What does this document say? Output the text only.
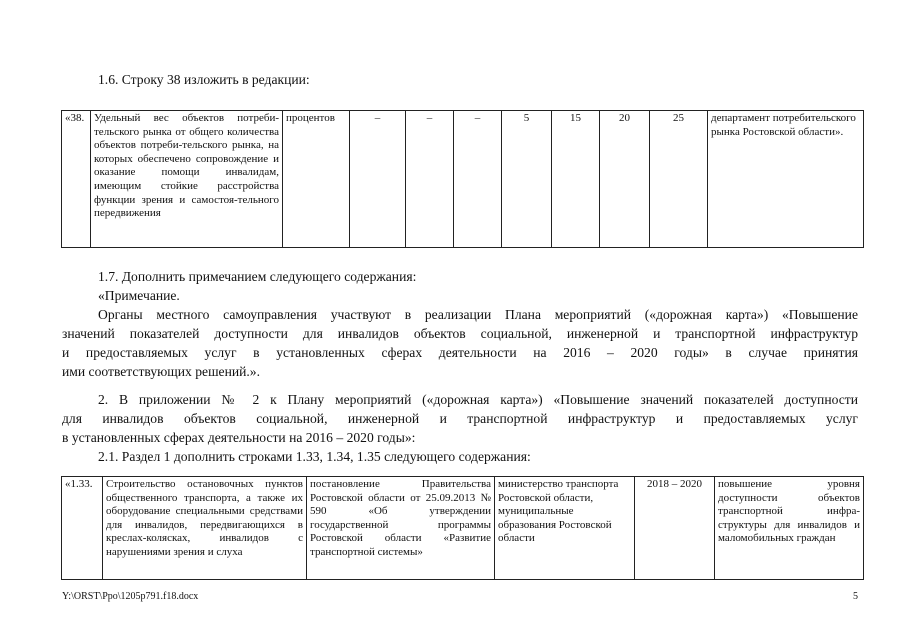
1.6. Строку 38 изложить в редакции:

«38.	Удельный вес объектов потреби-тельского рынка от общего количества объектов потреби-тельского рынка, на которых обеспечено сопровождение и оказание помощи инвалидам, имеющим стойкие расстройства функции зрения и самостоя-тельного передвижения	процентов	–	–	–	5	15	20	25	департамент потребительского рынка Ростовской области».

1.7. Дополнить примечанием следующего содержания:

«Примечание.

Органы местного самоуправления участвуют в реализации Плана мероприятий («дорожная карта») «Повышение

значений показателей доступности для инвалидов объектов социальной, инженерной и транспортной инфраструктур

и предоставляемых услуг в установленных сферах деятельности на 2016 – 2020 годы» в случае принятия

ими соответствующих решений.».

2. В приложении № 2 к Плану мероприятий («дорожная карта») «Повышение значений показателей доступности

для инвалидов объектов социальной, инженерной и транспортной инфраструктур и предоставляемых услуг

в установленных сферах деятельности на 2016 – 2020 годы»:

2.1. Раздел 1 дополнить строками 1.33, 1.34, 1.35 следующего содержания:

«1.33.	Строительство остановочных пунктов общественного транспорта, а также их оборудование специальными средствами для инвалидов, передвигающихся в креслах-колясках, инвалидов с нарушениями зрения и слуха	постановление Правительства Ростовской области от 25.09.2013 № 590 «Об утверждении государственной программы Ростовской области «Развитие транспортной системы»	министерство транспорта Ростовской области, муниципальные образования Ростовской области	2018 – 2020	повышение уровня доступности объектов транспортной инфра-структуры для инвалидов и маломобильных граждан
Y:\ORST\Ppo\1205p791.f18.docx	5
